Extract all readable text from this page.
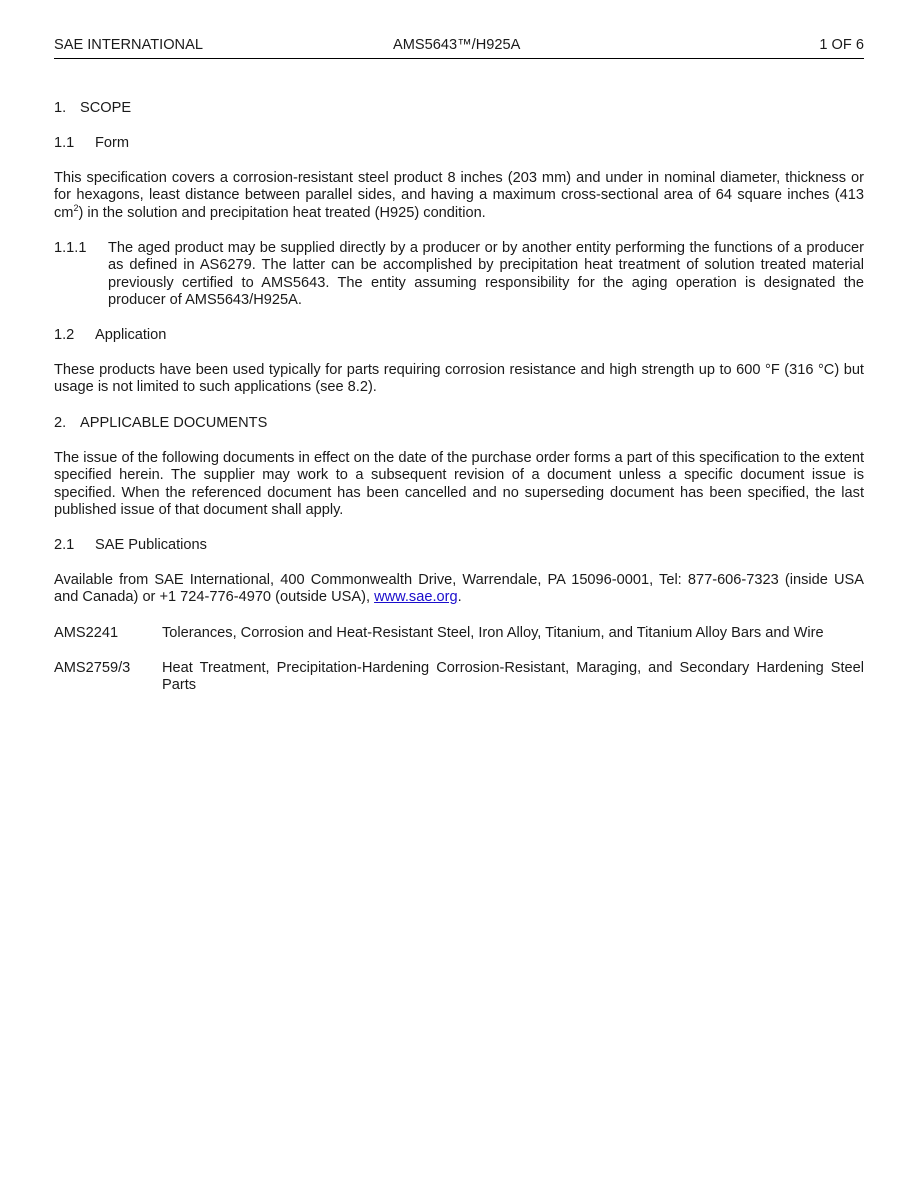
SAE INTERNATIONAL	AMS5643™/H925A	1 OF 6
1. SCOPE
1.1 Form
This specification covers a corrosion-resistant steel product 8 inches (203 mm) and under in nominal diameter, thickness or for hexagons, least distance between parallel sides, and having a maximum cross-sectional area of 64 square inches (413 $cm^2$) in the solution and precipitation heat treated (H925) condition.
1.1.1 The aged product may be supplied directly by a producer or by another entity performing the functions of a producer as defined in AS6279. The latter can be accomplished by precipitation heat treatment of solution treated material previously certified to AMS5643. The entity assuming responsibility for the aging operation is designated the producer of AMS5643/H925A.
1.2 Application
These products have been used typically for parts requiring corrosion resistance and high strength up to 600 °F (316 °C) but usage is not limited to such applications (see 8.2).
2. APPLICABLE DOCUMENTS
The issue of the following documents in effect on the date of the purchase order forms a part of this specification to the extent specified herein. The supplier may work to a subsequent revision of a document unless a specific document issue is specified. When the referenced document has been cancelled and no superseding document has been specified, the last published issue of that document shall apply.
2.1 SAE Publications
Available from SAE International, 400 Commonwealth Drive, Warrendale, PA 15096-0001, Tel: 877-606-7323 (inside USA and Canada) or +1 724-776-4970 (outside USA), www.sae.org.
AMS2241	Tolerances, Corrosion and Heat-Resistant Steel, Iron Alloy, Titanium, and Titanium Alloy Bars and Wire
AMS2759/3 Heat Treatment, Precipitation-Hardening Corrosion-Resistant, Maraging, and Secondary Hardening Steel Parts
